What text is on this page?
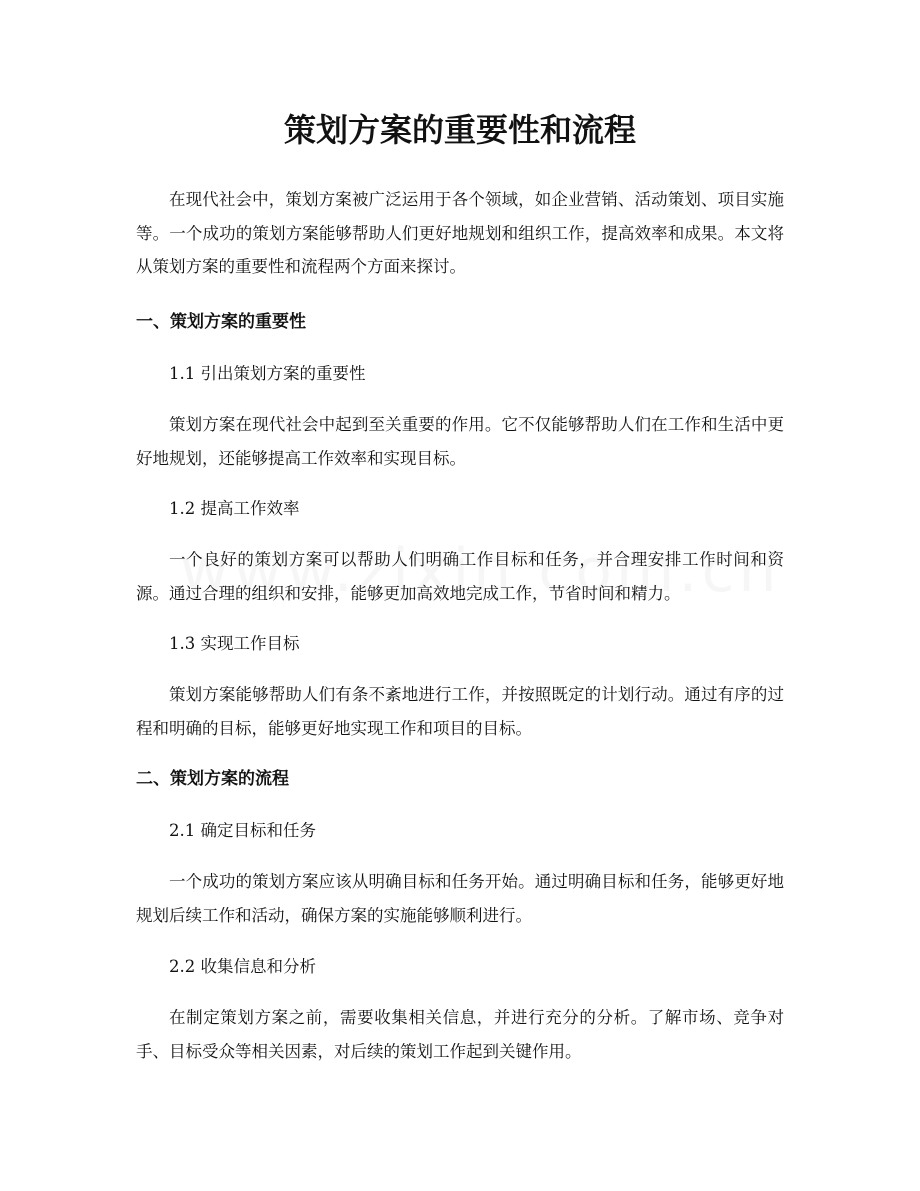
策划方案的重要性和流程

在现代社会中，策划方案被广泛运用于各个领域，如企业营销、活动策划、项目实施等。一个成功的策划方案能够帮助人们更好地规划和组织工作，提高效率和成果。本文将从策划方案的重要性和流程两个方面来探讨。

一、策划方案的重要性

1.1 引出策划方案的重要性

策划方案在现代社会中起到至关重要的作用。它不仅能够帮助人们在工作和生活中更好地规划，还能够提高工作效率和实现目标。

1.2 提高工作效率

一个良好的策划方案可以帮助人们明确工作目标和任务，并合理安排工作时间和资源。通过合理的组织和安排，能够更加高效地完成工作，节省时间和精力。

1.3 实现工作目标

策划方案能够帮助人们有条不紊地进行工作，并按照既定的计划行动。通过有序的过程和明确的目标，能够更好地实现工作和项目的目标。

二、策划方案的流程

2.1 确定目标和任务

一个成功的策划方案应该从明确目标和任务开始。通过明确目标和任务，能够更好地规划后续工作和活动，确保方案的实施能够顺利进行。

2.2 收集信息和分析

在制定策划方案之前，需要收集相关信息，并进行充分的分析。了解市场、竞争对手、目标受众等相关因素，对后续的策划工作起到关键作用。
